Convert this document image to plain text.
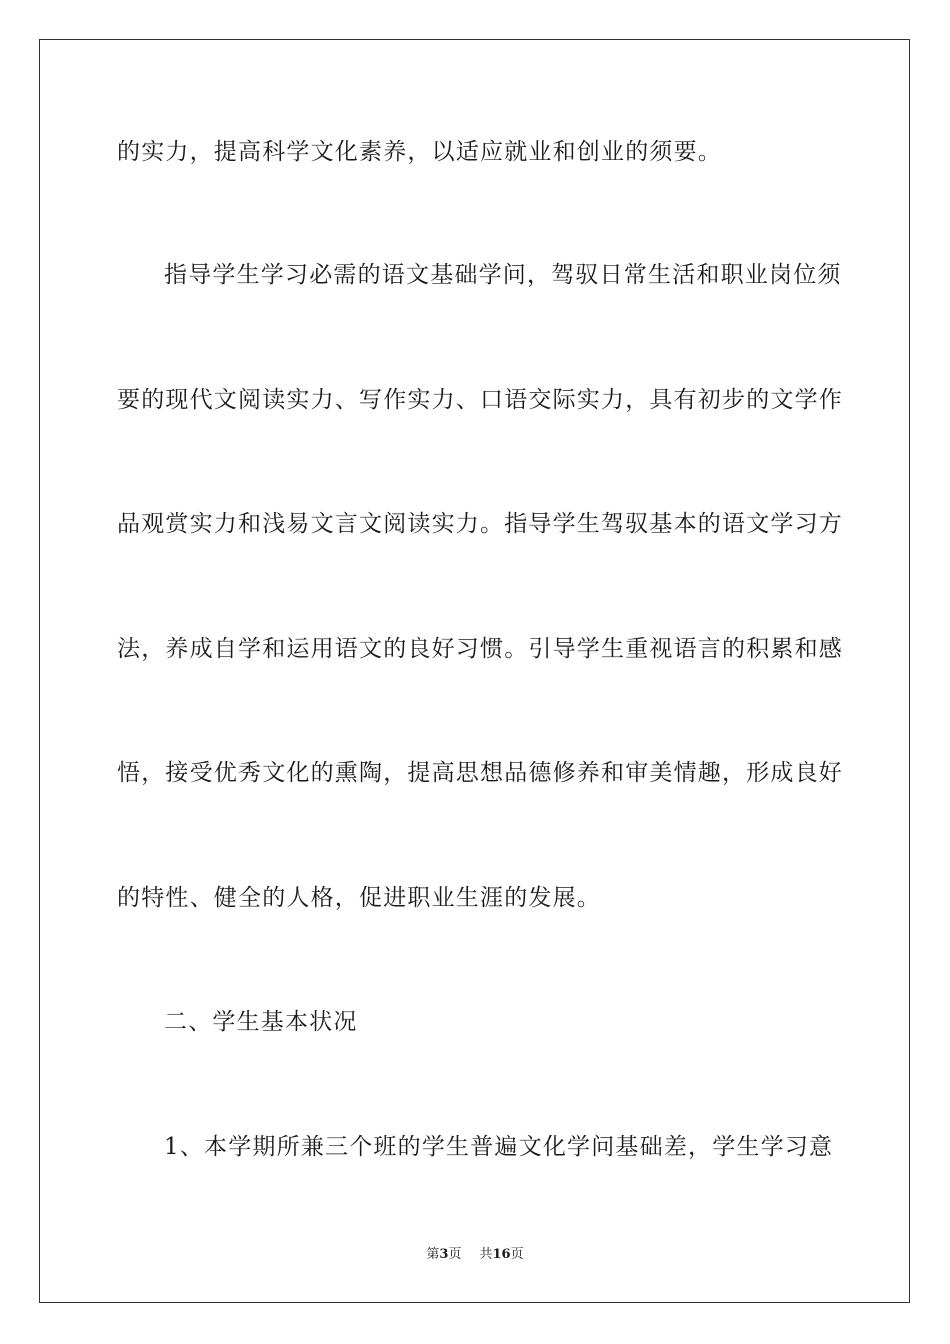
的实力，提高科学文化素养，以适应就业和创业的须要。
指导学生学习必需的语文基础学问，驾驭日常生活和职业岗位须
要的现代文阅读实力、写作实力、口语交际实力，具有初步的文学作
品观赏实力和浅易文言文阅读实力。指导学生驾驭基本的语文学习方
法，养成自学和运用语文的良好习惯。引导学生重视语言的积累和感
悟，接受优秀文化的熏陶，提高思想品德修养和审美情趣，形成良好
的特性、健全的人格，促进职业生涯的发展。
二、学生基本状况
1、本学期所兼三个班的学生普遍文化学问基础差，学生学习意
第3页 共16页
